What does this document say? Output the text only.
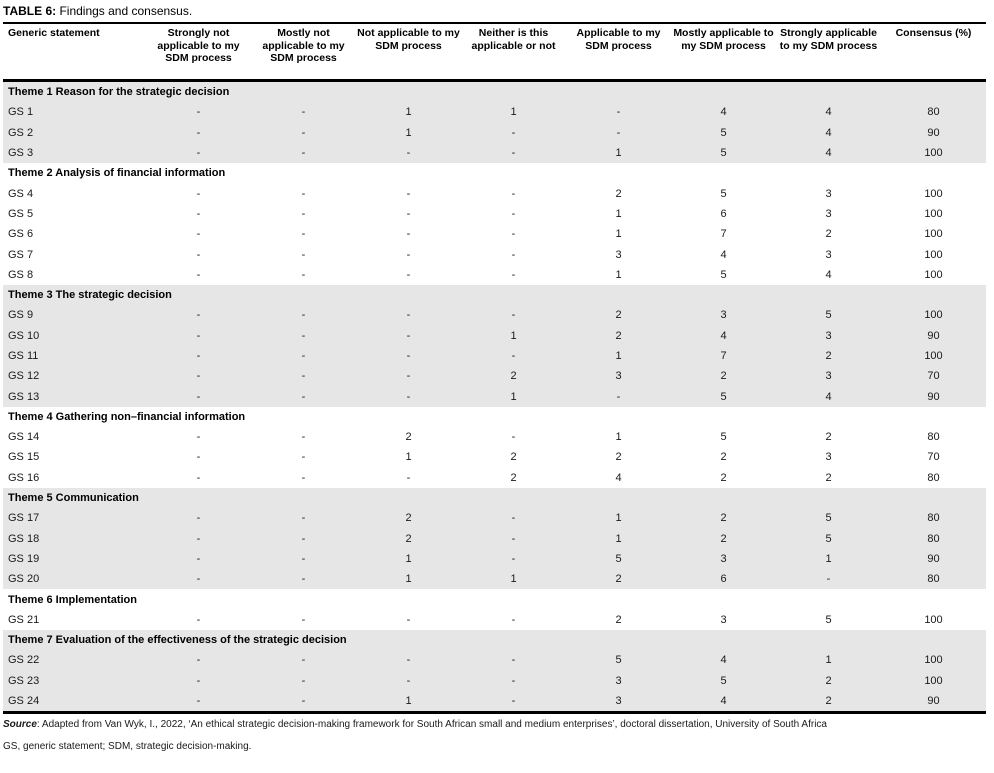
TABLE 6: Findings and consensus.

Generic statement	Strongly not applicable to my SDM process	Mostly not applicable to my SDM process	Not applicable to my SDM process	Neither is this applicable or not	Applicable to my SDM process	Mostly applicable to my SDM process	Strongly applicable to my SDM process	Consensus (%)
Theme 1 Reason for the strategic decision								
GS 1	-	-	1	1	-	4	4	80
GS 2	-	-	1	-	-	5	4	90
GS 3	-	-	-	-	1	5	4	100
Theme 2 Analysis of financial information								
GS 4	-	-	-	-	2	5	3	100
GS 5	-	-	-	-	1	6	3	100
GS 6	-	-	-	-	1	7	2	100
GS 7	-	-	-	-	3	4	3	100
GS 8	-	-	-	-	1	5	4	100
Theme 3 The strategic decision								
GS 9	-	-	-	-	2	3	5	100
GS 10	-	-	-	1	2	4	3	90
GS 11	-	-	-	-	1	7	2	100
GS 12	-	-	-	2	3	2	3	70
GS 13	-	-	-	1	-	5	4	90
Theme 4 Gathering non–financial information								
GS 14	-	-	2	-	1	5	2	80
GS 15	-	-	1	2	2	2	3	70
GS 16	-	-	-	2	4	2	2	80
Theme 5 Communication								
GS 17	-	-	2	-	1	2	5	80
GS 18	-	-	2	-	1	2	5	80
GS 19	-	-	1	-	5	3	1	90
GS 20	-	-	1	1	2	6	-	80
Theme 6 Implementation								
GS 21	-	-	-	-	2	3	5	100
Theme 7 Evaluation of the effectiveness of the strategic decision								
GS 22	-	-	-	-	5	4	1	100
GS 23	-	-	-	-	3	5	2	100
GS 24	-	-	1	-	3	4	2	90

Source: Adapted from Van Wyk, I., 2022, ‘An ethical strategic decision-making framework for South African small and medium enterprises’, doctoral dissertation, University of South Africa

GS, generic statement; SDM, strategic decision-making.
